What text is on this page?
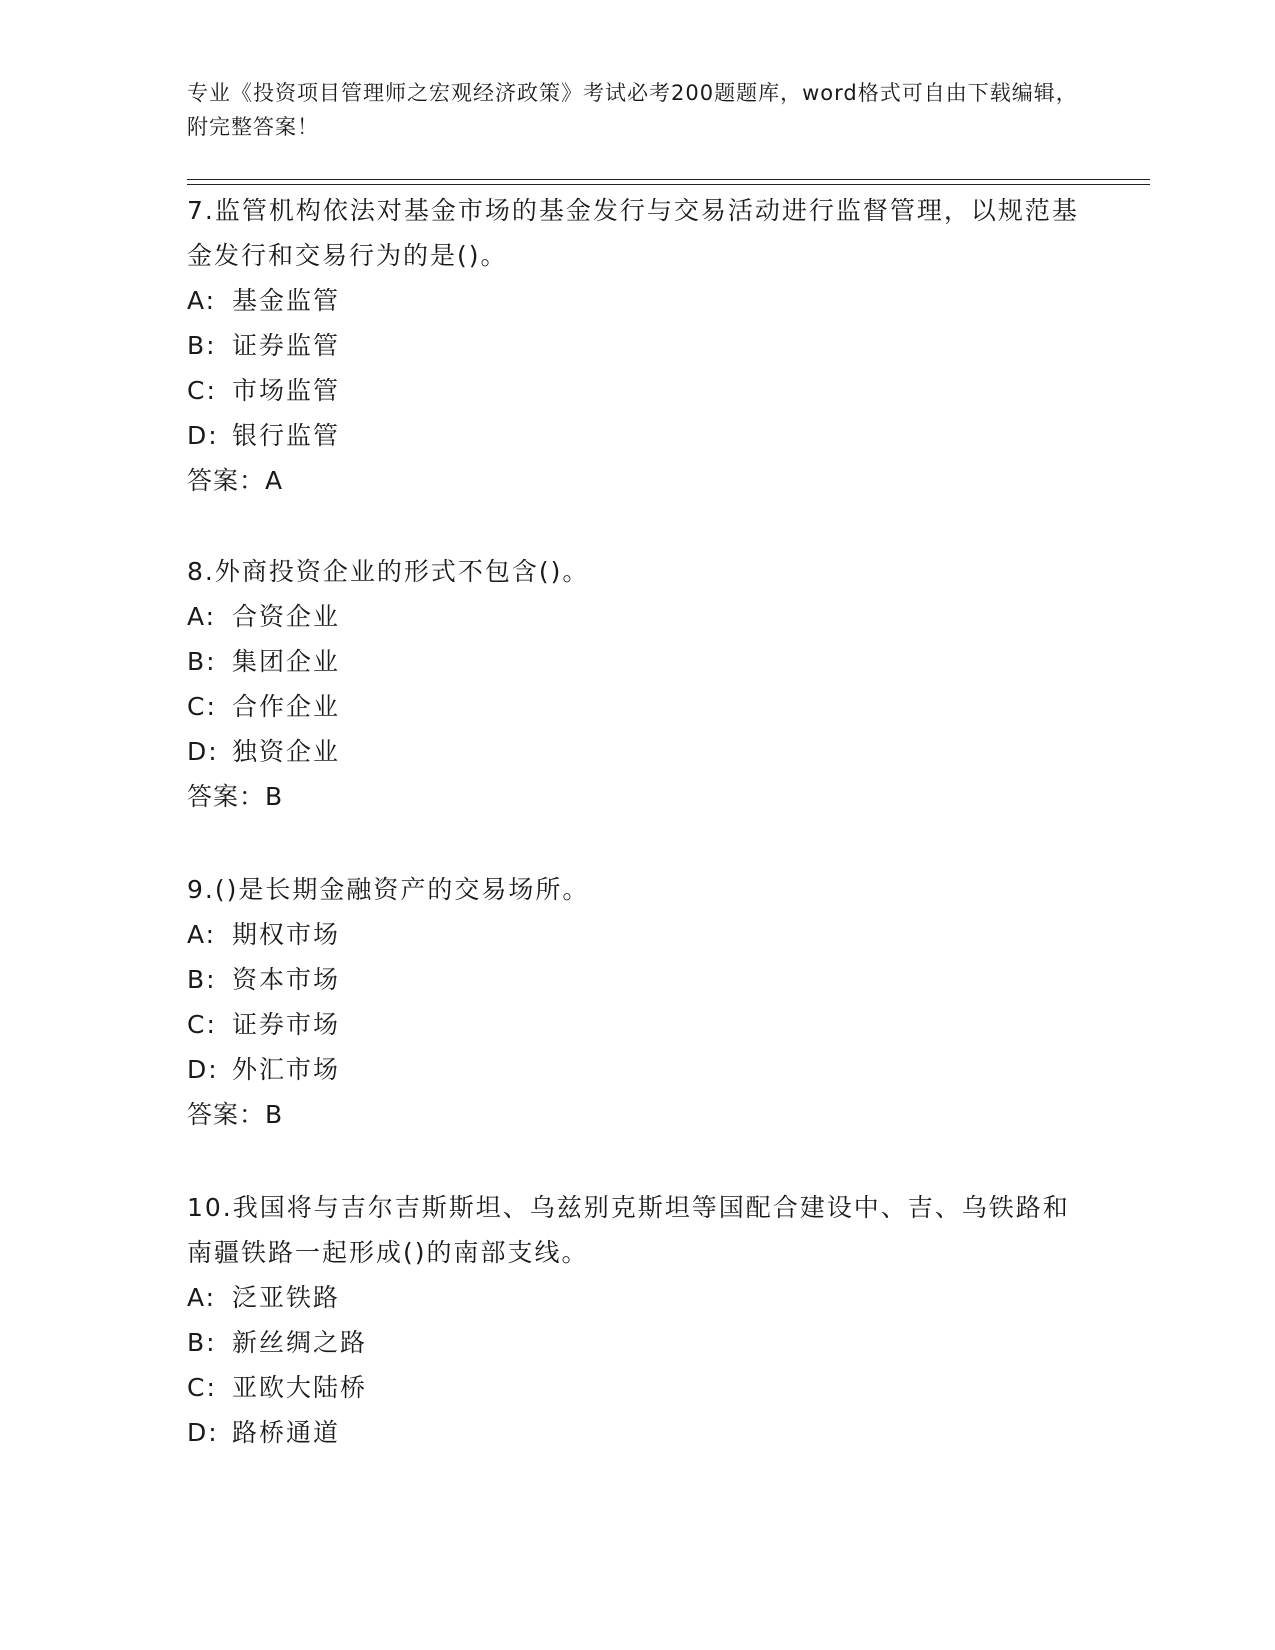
专业《投资项目管理师之宏观经济政策》考试必考200题题库，word格式可自由下载编辑，附完整答案！
7.监管机构依法对基金市场的基金发行与交易活动进行监督管理，以规范基金发行和交易行为的是()。
A: 基金监管
B: 证券监管
C: 市场监管
D: 银行监管
答案：A
8.外商投资企业的形式不包含()。
A: 合资企业
B: 集团企业
C: 合作企业
D: 独资企业
答案：B
9.()是长期金融资产的交易场所。
A: 期权市场
B: 资本市场
C: 证券市场
D: 外汇市场
答案：B
10.我国将与吉尔吉斯斯坦、乌兹别克斯坦等国配合建设中、吉、乌铁路和南疆铁路一起形成()的南部支线。
A: 泛亚铁路
B: 新丝绸之路
C: 亚欧大陆桥
D: 路桥通道
